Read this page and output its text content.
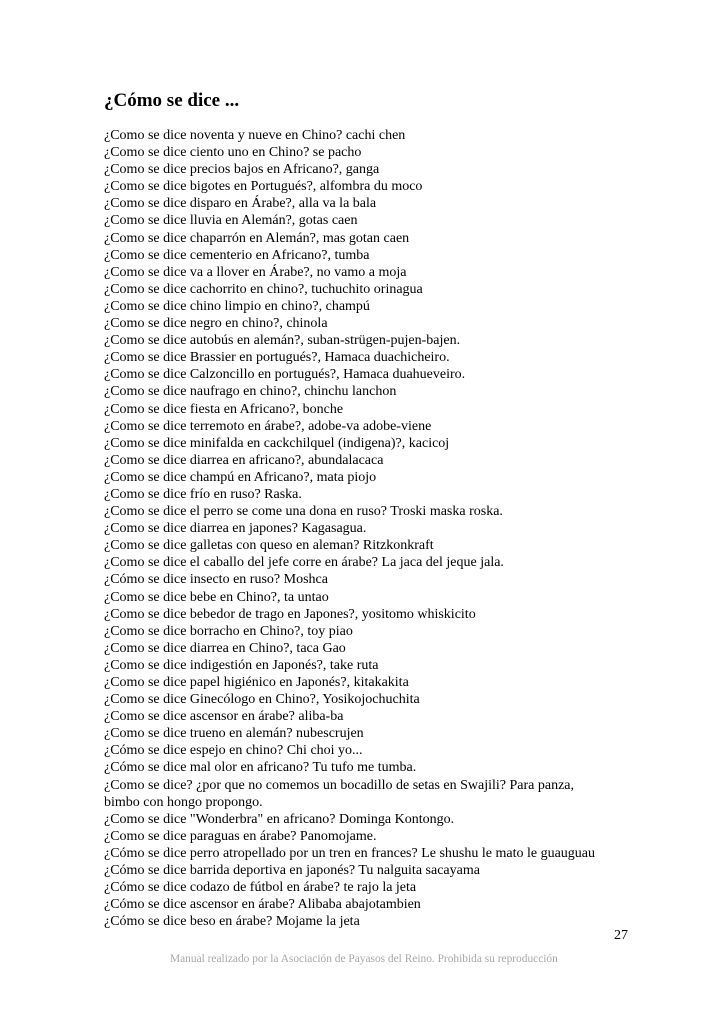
¿Cómo se dice ...
¿Como se dice noventa y nueve en Chino? cachi chen
¿Como se dice ciento uno en Chino? se pacho
¿Como se dice precios bajos en Africano?, ganga
¿Como se dice bigotes en Portugués?, alfombra du moco
¿Como se dice disparo en Árabe?, alla va la bala
¿Como se dice lluvia en Alemán?, gotas caen
¿Como se dice chaparrón en Alemán?, mas gotan caen
¿Como se dice cementerio en Africano?, tumba
¿Como se dice va a llover en Árabe?, no vamo a moja
¿Como se dice cachorrito en chino?, tuchuchito orinagua
¿Como se dice chino limpio en chino?, champú
¿Como se dice negro en chino?, chinola
¿Como se dice autobús en alemán?, suban-strügen-pujen-bajen.
¿Como se dice Brassier en portugués?, Hamaca duachicheiro.
¿Como se dice Calzoncillo en portugués?, Hamaca duahueveiro.
¿Como se dice naufrago en chino?, chinchu lanchon
¿Como se dice fiesta en Africano?, bonche
¿Como se dice terremoto en árabe?, adobe-va adobe-viene
¿Como se dice minifalda en cackchilquel (indigena)?, kacicoj
¿Como se dice diarrea en africano?, abundalacaca
¿Como se dice champú en Africano?, mata piojo
¿Como se dice frío en ruso? Raska.
¿Como se dice el perro se come una dona en ruso? Troski maska roska.
¿Como se dice diarrea en japones? Kagasagua.
¿Como se dice galletas con queso en aleman? Ritzkonkraft
¿Como se dice el caballo del jefe corre en árabe? La jaca del jeque jala.
¿Cómo se dice insecto en ruso? Moshca
¿Como se dice bebe en Chino?, ta untao
¿Como se dice bebedor de trago en Japones?, yositomo whiskicito
¿Como se dice borracho en Chino?, toy piao
¿Como se dice diarrea en Chino?, taca Gao
¿Como se dice indigestión en Japonés?, take ruta
¿Como se dice papel higiénico en Japonés?, kitakakita
¿Como se dice Ginecólogo en Chino?, Yosikojochuchita
¿Como se dice ascensor en árabe? aliba-ba
¿Como se dice trueno en alemán? nubescrujen
¿Cómo se dice espejo en chino? Chi choi yo...
¿Cómo se dice mal olor en africano? Tu tufo me tumba.
¿Como se dice? ¿por que no comemos un bocadillo de setas en Swajili? Para panza,
bimbo con hongo propongo.
¿Como se dice "Wonderbra" en africano? Dominga Kontongo.
¿Como se dice paraguas en árabe? Panomojame.
¿Cómo se dice perro atropellado por un tren en frances? Le shushu le mato le guauguau
¿Cómo se dice barrida deportiva en japonés? Tu nalguita sacayama
¿Cómo se dice codazo de fútbol en árabe? te rajo la jeta
¿Cómo se dice ascensor en árabe? Alibaba abajotambien
¿Cómo se dice beso en árabe? Mojame la jeta
27
Manual realizado por la Asociación de Payasos del Reino. Prohibida su reproducción
